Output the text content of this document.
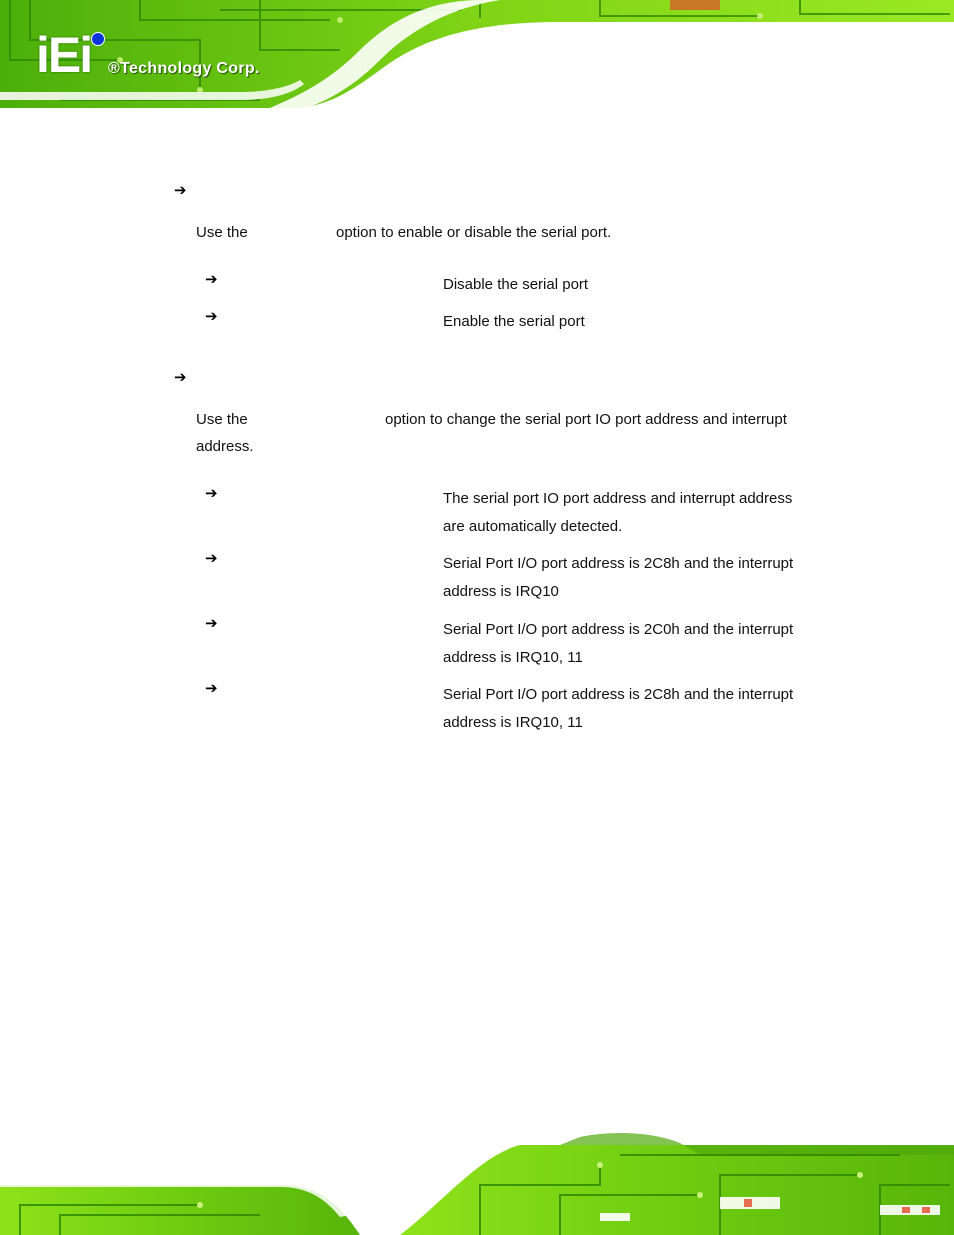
iEi ®Technology Corp.
➔
Use the	option to enable or disable the serial port.
➔	Disable the serial port
➔	Enable the serial port
➔
Use the	option to change the serial port IO port address and interrupt
address.
➔	The serial port IO port address and interrupt address
are automatically detected.
➔	Serial Port I/O port address is 2C8h and the interrupt
address is IRQ10
➔	Serial Port I/O port address is 2C0h and the interrupt
address is IRQ10, 11
➔	Serial Port I/O port address is 2C8h and the interrupt
address is IRQ10, 11
